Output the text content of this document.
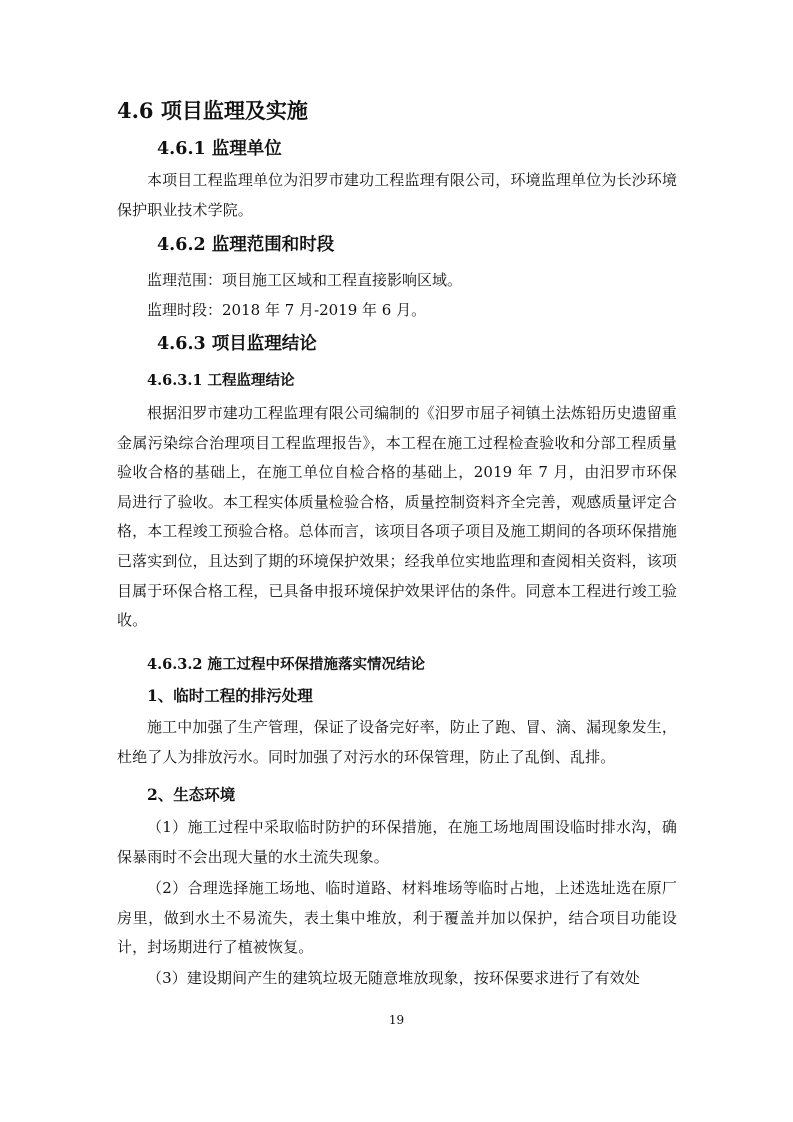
4.6 项目监理及实施
4.6.1 监理单位
本项目工程监理单位为汨罗市建功工程监理有限公司，环境监理单位为长沙环境保护职业技术学院。
4.6.2 监理范围和时段
监理范围：项目施工区域和工程直接影响区域。
监理时段：2018 年 7 月-2019 年 6 月。
4.6.3 项目监理结论
4.6.3.1 工程监理结论
根据汨罗市建功工程监理有限公司编制的《汨罗市屈子祠镇土法炼铅历史遗留重金属污染综合治理项目工程监理报告》，本工程在施工过程检查验收和分部工程质量验收合格的基础上，在施工单位自检合格的基础上，2019 年 7 月，由汨罗市环保局进行了验收。本工程实体质量检验合格，质量控制资料齐全完善，观感质量评定合格，本工程竣工预验合格。总体而言，该项目各项子项目及施工期间的各项环保措施已落实到位，且达到了期的环境保护效果；经我单位实地监理和查阅相关资料，该项目属于环保合格工程，已具备申报环境保护效果评估的条件。同意本工程进行竣工验收。
4.6.3.2 施工过程中环保措施落实情况结论
1、临时工程的排污处理
施工中加强了生产管理，保证了设备完好率，防止了跑、冒、滴、漏现象发生，杜绝了人为排放污水。同时加强了对污水的环保管理，防止了乱倒、乱排。
2、生态环境
（1）施工过程中采取临时防护的环保措施，在施工场地周围设临时排水沟，确保暴雨时不会出现大量的水土流失现象。
（2）合理选择施工场地、临时道路、材料堆场等临时占地，上述选址选在原厂房里，做到水土不易流失，表土集中堆放，利于覆盖并加以保护，结合项目功能设计，封场期进行了植被恢复。
（3）建设期间产生的建筑垃圾无随意堆放现象，按环保要求进行了有效处
19
